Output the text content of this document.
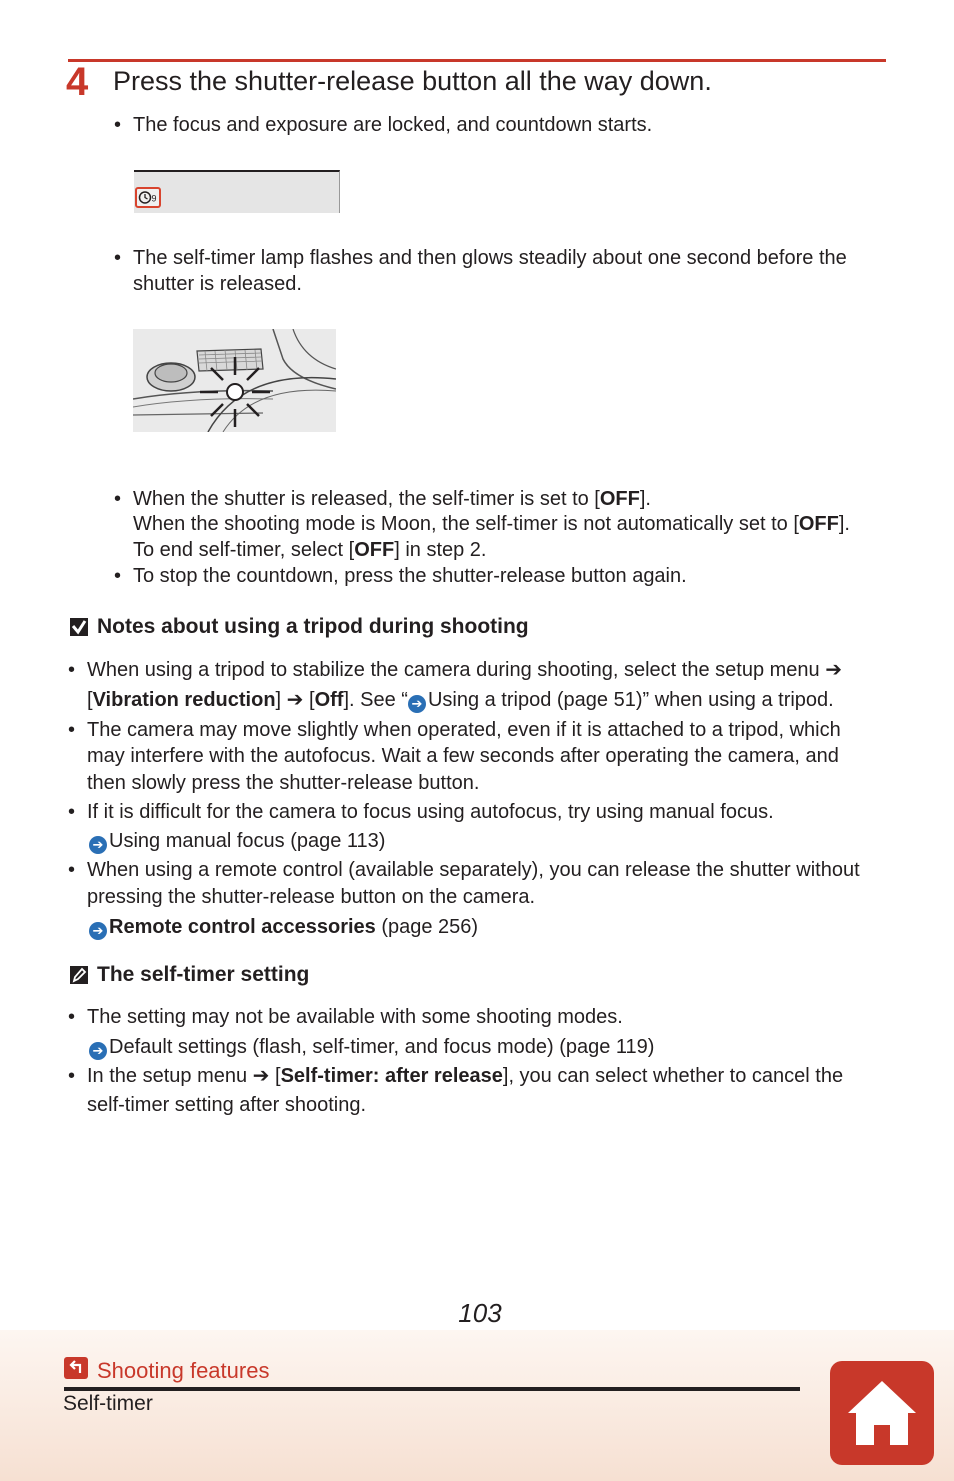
4 Press the shutter-release button all the way down.
• The focus and exposure are locked, and countdown starts.
9
• The self-timer lamp flashes and then glows steadily about one second before the
shutter is released.
• When the shutter is released, the self-timer is set to [OFF].
When the shooting mode is Moon, the self-timer is not automatically set to [OFF].
To end self-timer, select [OFF] in step 2.
• To stop the countdown, press the shutter-release button again.
Notes about using a tripod during shooting
• When using a tripod to stabilize the camera during shooting, select the setup menu ➔
[Vibration reduction] ➔ [Off]. See “ ➔ Using a tripod (page 51)” when using a tripod.
• The camera may move slightly when operated, even if it is attached to a tripod, which
may interfere with the autofocus. Wait a few seconds after operating the camera, and
then slowly press the shutter-release button.
• If it is difficult for the camera to focus using autofocus, try using manual focus.
➔ Using manual focus (page 113)
• When using a remote control (available separately), you can release the shutter without
pressing the shutter-release button on the camera.
➔ Remote control accessories (page 256)
The self-timer setting
• The setting may not be available with some shooting modes.
➔ Default settings (flash, self-timer, and focus mode) (page 119)
• In the setup menu ➔ [Self-timer: after release], you can select whether to cancel the
self-timer setting after shooting.
103
Shooting features
Self-timer
